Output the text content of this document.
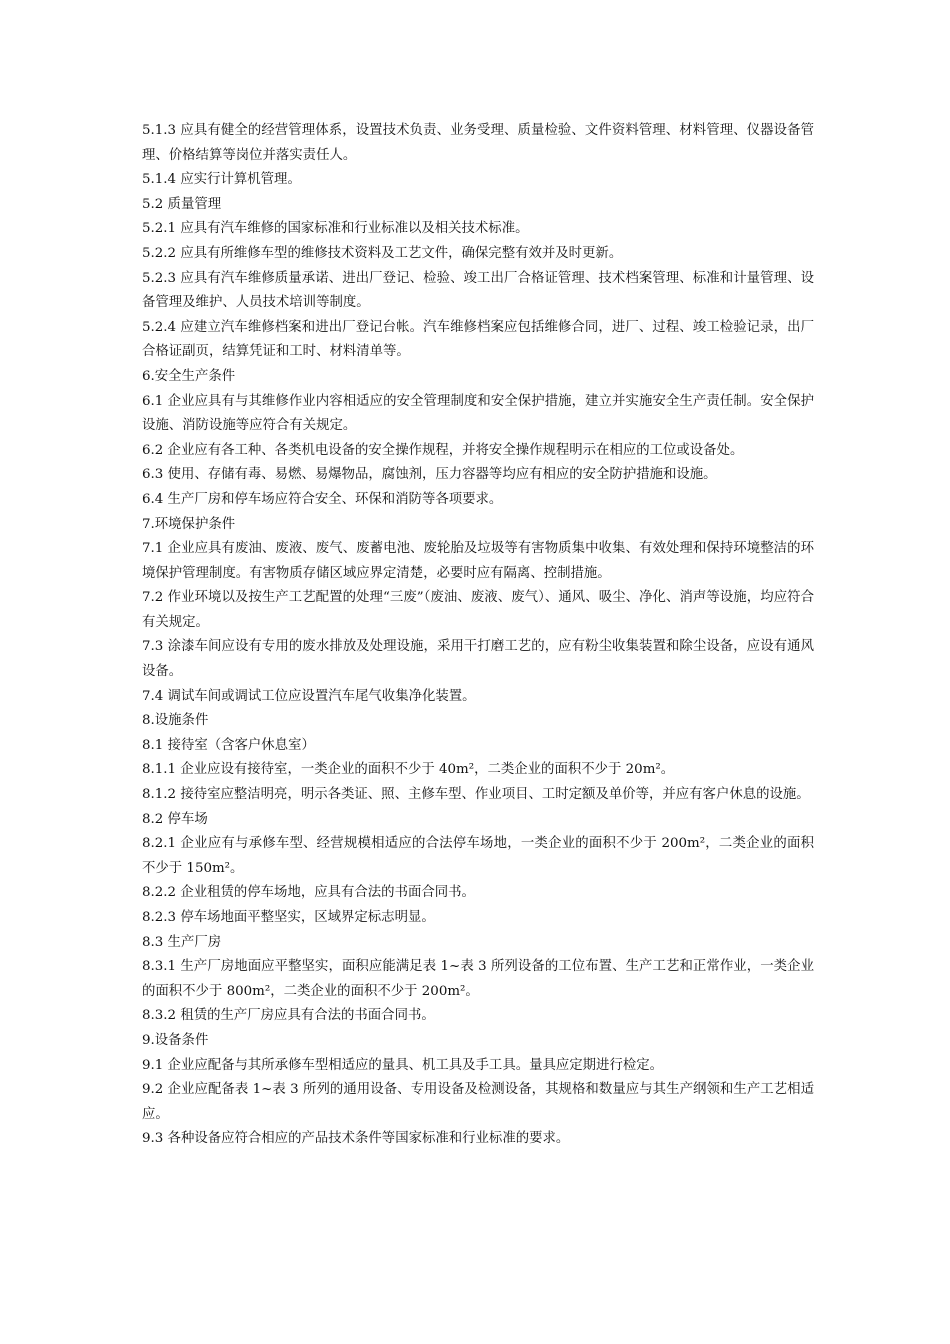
5.1.3 应具有健全的经营管理体系，设置技术负责、业务受理、质量检验、文件资料管理、材料管理、仪器设备管理、价格结算等岗位并落实责任人。

5.1.4 应实行计算机管理。

5.2 质量管理

5.2.1 应具有汽车维修的国家标准和行业标准以及相关技术标准。

5.2.2 应具有所维修车型的维修技术资料及工艺文件，确保完整有效并及时更新。

5.2.3 应具有汽车维修质量承诺、进出厂登记、检验、竣工出厂合格证管理、技术档案管理、标准和计量管理、设备管理及维护、人员技术培训等制度。

5.2.4 应建立汽车维修档案和进出厂登记台帐。汽车维修档案应包括维修合同，进厂、过程、竣工检验记录，出厂合格证副页，结算凭证和工时、材料清单等。

6.安全生产条件

6.1 企业应具有与其维修作业内容相适应的安全管理制度和安全保护措施，建立并实施安全生产责任制。安全保护设施、消防设施等应符合有关规定。

6.2 企业应有各工种、各类机电设备的安全操作规程，并将安全操作规程明示在相应的工位或设备处。

6.3 使用、存储有毒、易燃、易爆物品，腐蚀剂，压力容器等均应有相应的安全防护措施和设施。

6.4 生产厂房和停车场应符合安全、环保和消防等各项要求。

7.环境保护条件

7.1 企业应具有废油、废液、废气、废蓄电池、废轮胎及垃圾等有害物质集中收集、有效处理和保持环境整洁的环境保护管理制度。有害物质存储区域应界定清楚，必要时应有隔离、控制措施。

7.2 作业环境以及按生产工艺配置的处理“三废”（废油、废液、废气）、通风、吸尘、净化、消声等设施，均应符合有关规定。

7.3 涂漆车间应设有专用的废水排放及处理设施，采用干打磨工艺的，应有粉尘收集装置和除尘设备，应设有通风设备。

7.4 调试车间或调试工位应设置汽车尾气收集净化装置。

8.设施条件

8.1 接待室（含客户休息室）

8.1.1 企业应设有接待室，一类企业的面积不少于 40m²，二类企业的面积不少于 20m²。

8.1.2 接待室应整洁明亮，明示各类证、照、主修车型、作业项目、工时定额及单价等，并应有客户休息的设施。

8.2 停车场

8.2.1 企业应有与承修车型、经营规模相适应的合法停车场地，一类企业的面积不少于 200m²，二类企业的面积不少于 150m²。

8.2.2 企业租赁的停车场地，应具有合法的书面合同书。

8.2.3 停车场地面平整坚实，区域界定标志明显。

8.3 生产厂房

8.3.1 生产厂房地面应平整坚实，面积应能满足表 1~表 3 所列设备的工位布置、生产工艺和正常作业，一类企业的面积不少于 800m²，二类企业的面积不少于 200m²。

8.3.2 租赁的生产厂房应具有合法的书面合同书。

9.设备条件

9.1 企业应配备与其所承修车型相适应的量具、机工具及手工具。量具应定期进行检定。

9.2 企业应配备表 1~表 3 所列的通用设备、专用设备及检测设备，其规格和数量应与其生产纲领和生产工艺相适应。

9.3 各种设备应符合相应的产品技术条件等国家标准和行业标准的要求。
